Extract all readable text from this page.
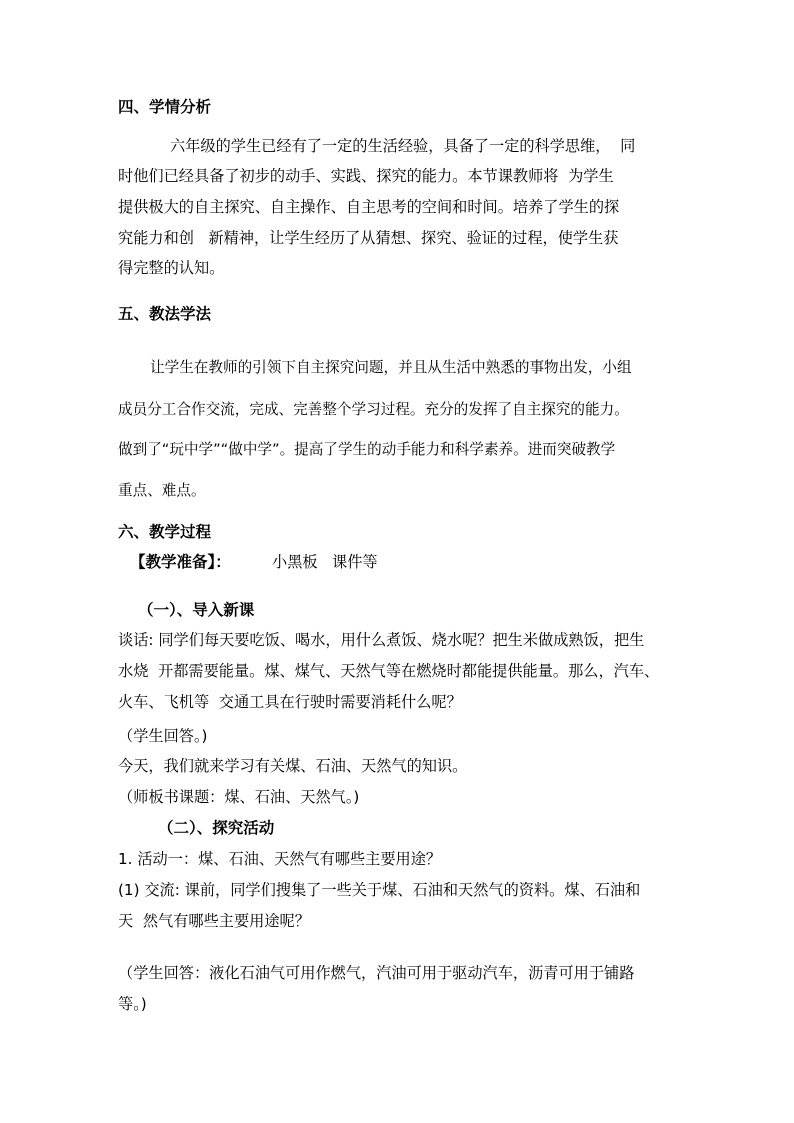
四、学情分析
六年级的学生已经有了一定的生活经验，具备了一定的科学思维，  同
时他们已经具备了初步的动手、实践、探究的能力。本节课教师将  为学生
提供极大的自主探究、自主操作、自主思考的空间和时间。培养了学生的探
究能力和创   新精神，让学生经历了从猜想、探究、验证的过程，使学生获
得完整的认知。
五、教法学法
让学生在教师的引领下自主探究问题，并且从生活中熟悉的事物出发，小组
成员分工合作交流，完成、完善整个学习过程。充分的发挥了自主探究的能力。
做到了“玩中学”“做中学”。提高了学生的动手能力和科学素养。进而突破教学
重点、难点。
六、教学过程
【教学准备】：	小黑板   课件等
（一）、导入新课
谈话: 同学们每天要吃饭、喝水，用什么煮饭、烧水呢？把生米做成熟饭，把生
水烧  开都需要能量。煤、煤气、天然气等在燃烧时都能提供能量。那么，汽车、
火车、飞机等  交通工具在行驶时需要消耗什么呢？
（学生回答。)
今天，我们就来学习有关煤、石油、天然气的知识。
（师板书课题：煤、石油、天然气。)
（二）、探究活动
1. 活动一：煤、石油、天然气有哪些主要用途？
(1) 交流: 课前，同学们搜集了一些关于煤、石油和天然气的资料。煤、石油和
天  然气有哪些主要用途呢？
（学生回答：液化石油气可用作燃气，汽油可用于驱动汽车，沥青可用于铺路
等。)
